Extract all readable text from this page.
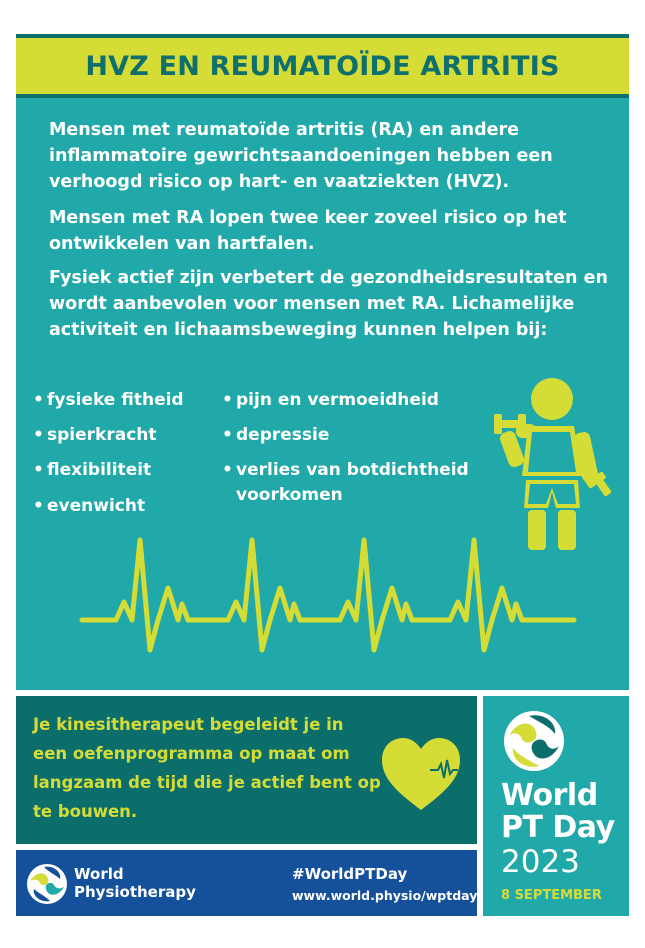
HVZ EN REUMATOÏDE ARTRITIS

Mensen met reumatoïde artritis (RA) en andere inflammatoire gewrichtsaandoeningen hebben een verhoogd risico op hart- en vaatziekten (HVZ).

Mensen met RA lopen twee keer zoveel risico op het ontwikkelen van hartfalen.

Fysiek actief zijn verbetert de gezondheidsresultaten en wordt aanbevolen voor mensen met RA. Lichamelijke activiteit en lichaamsbeweging kunnen helpen bij:

• fysieke fitheid
• spierkracht
• flexibiliteit
• evenwicht
• pijn en vermoeidheid
• depressie
• verlies van botdichtheid voorkomen

Je kinesitherapeut begeleidt je in een oefenprogramma op maat om langzaam de tijd die je actief bent op te bouwen.

World
Physiotherapy
#WorldPTDay
www.world.physio/wptday
World
PT Day
2023
8 SEPTEMBER
